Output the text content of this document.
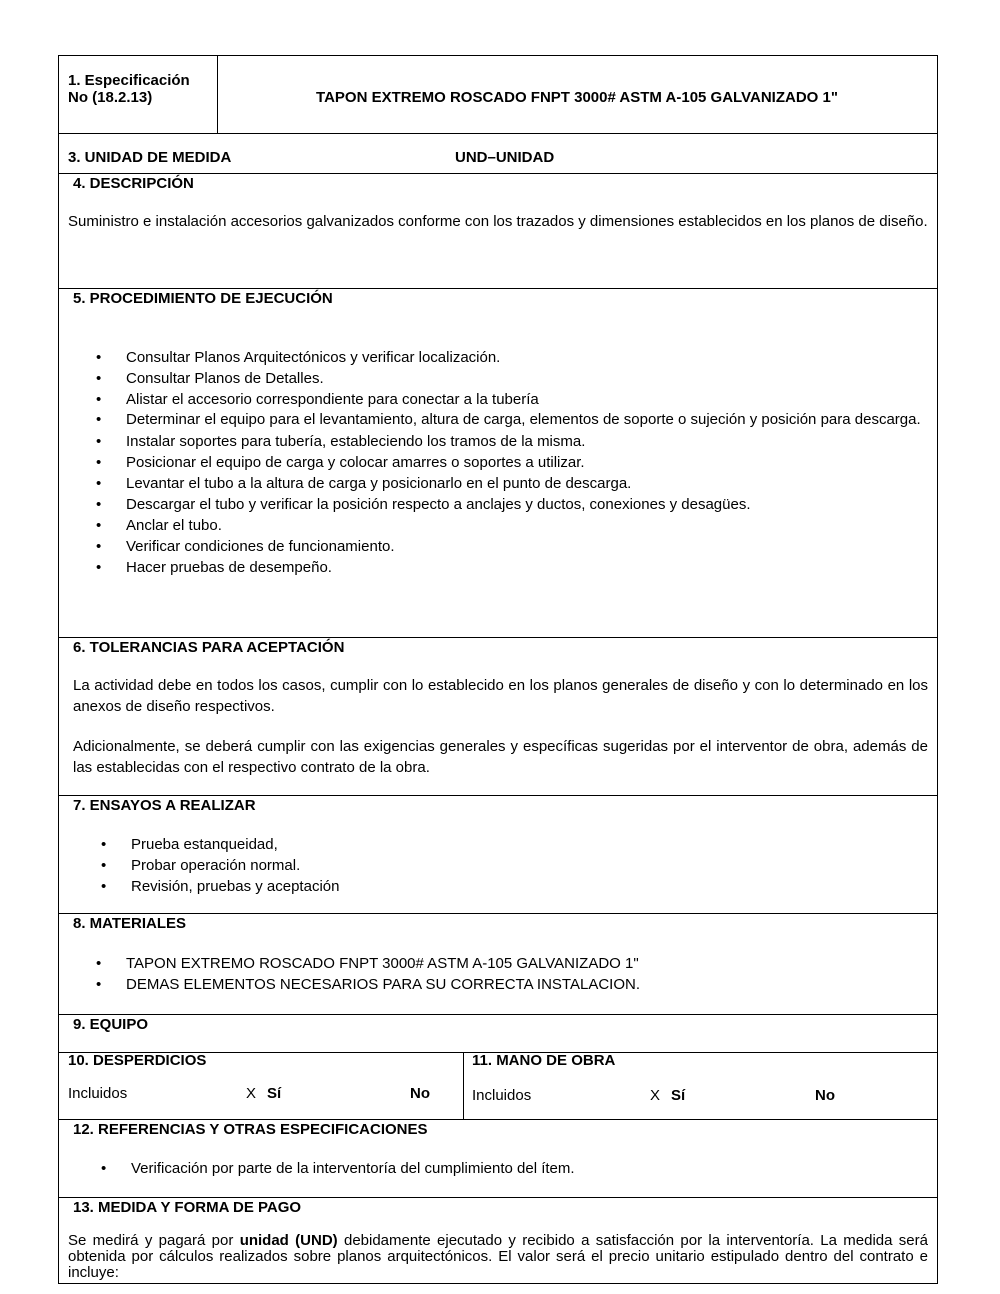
1. Especificación
No (18.2.13)	TAPON EXTREMO ROSCADO FNPT 3000# ASTM A-105 GALVANIZADO 1"
3. UNIDAD DE MEDIDA	UND–UNIDAD
4. DESCRIPCIÓN
Suministro e instalación accesorios galvanizados conforme con los trazados y dimensiones establecidos en los planos de diseño.
5. PROCEDIMIENTO DE EJECUCIÓN
• Consultar Planos Arquitectónicos y verificar localización.
• Consultar Planos de Detalles.
• Alistar el accesorio correspondiente para conectar a la tubería
• Determinar el equipo para el levantamiento, altura de carga, elementos de soporte o sujeción y posición para descarga.
• Instalar soportes para tubería, estableciendo los tramos de la misma.
• Posicionar el equipo de carga y colocar amarres o soportes a utilizar.
• Levantar el tubo a la altura de carga y posicionarlo en el punto de descarga.
• Descargar el tubo y verificar la posición respecto a anclajes y ductos, conexiones y desagües.
• Anclar el tubo.
• Verificar condiciones de funcionamiento.
• Hacer pruebas de desempeño.
6. TOLERANCIAS PARA ACEPTACIÓN
La actividad debe en todos los casos, cumplir con lo establecido en los planos generales de diseño y con lo determinado en los anexos de diseño respectivos.
Adicionalmente, se deberá cumplir con las exigencias generales y específicas sugeridas por el interventor de obra, además de las establecidas con el respectivo contrato de la obra.
7. ENSAYOS A REALIZAR
• Prueba estanqueidad,
• Probar operación normal.
• Revisión, pruebas y aceptación
8. MATERIALES
• TAPON EXTREMO ROSCADO FNPT 3000# ASTM A-105 GALVANIZADO 1"
• DEMAS ELEMENTOS NECESARIOS PARA SU CORRECTA INSTALACION.
9. EQUIPO
10. DESPERDICIOS
Incluidos	X Sí	No
11. MANO DE OBRA
Incluidos	X Sí	No
12. REFERENCIAS Y OTRAS ESPECIFICACIONES
• Verificación por parte de la interventoría del cumplimiento del ítem.
13. MEDIDA Y FORMA DE PAGO
Se medirá y pagará por unidad (UND) debidamente ejecutado y recibido a satisfacción por la interventoría. La medida será obtenida por cálculos realizados sobre planos arquitectónicos. El valor será el precio unitario estipulado dentro del contrato e incluye:
